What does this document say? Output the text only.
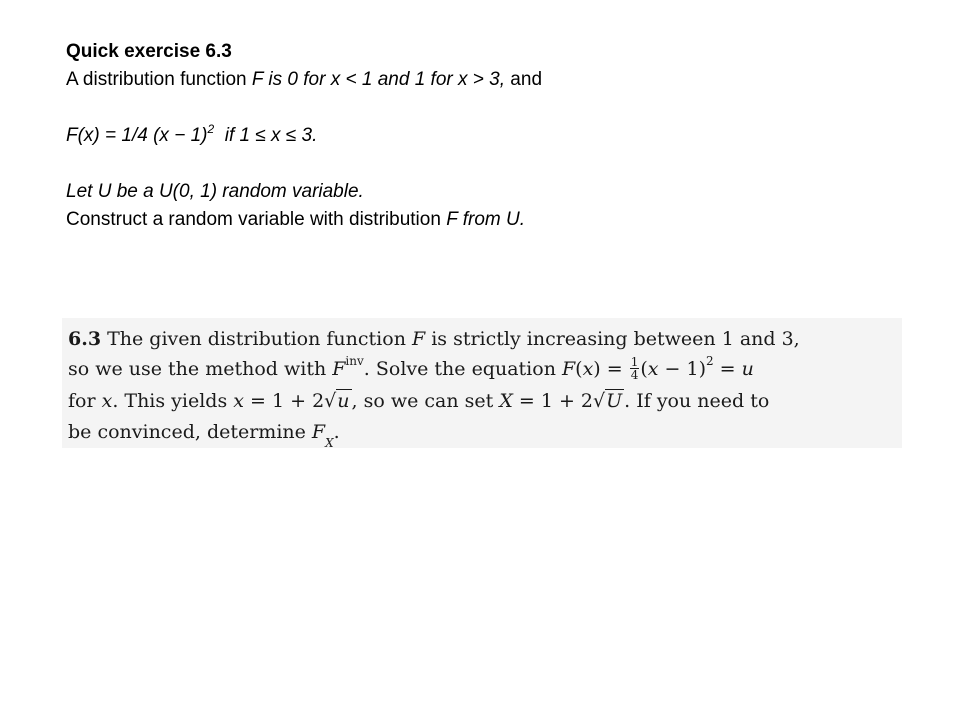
Quick exercise 6.3
A distribution function F is 0 for x < 1 and 1 for x > 3, and
F(x) = 1/4 $(x - 1)^2$  if 1 ≤ x ≤ 3.
Let U be a U(0, 1) random variable.
Construct a random variable with distribution F from U.
6.3 The given distribution function F is strictly increasing between 1 and 3,
so we use the method with $F^{inv}$. Solve the equation $F(x) = \frac{1}{4} (x - 1)^2 = u$
for x. This yields x = 1 + 2√u , so we can set X = 1 + 2√U . If you need to
be convinced, determine $F_X$.
